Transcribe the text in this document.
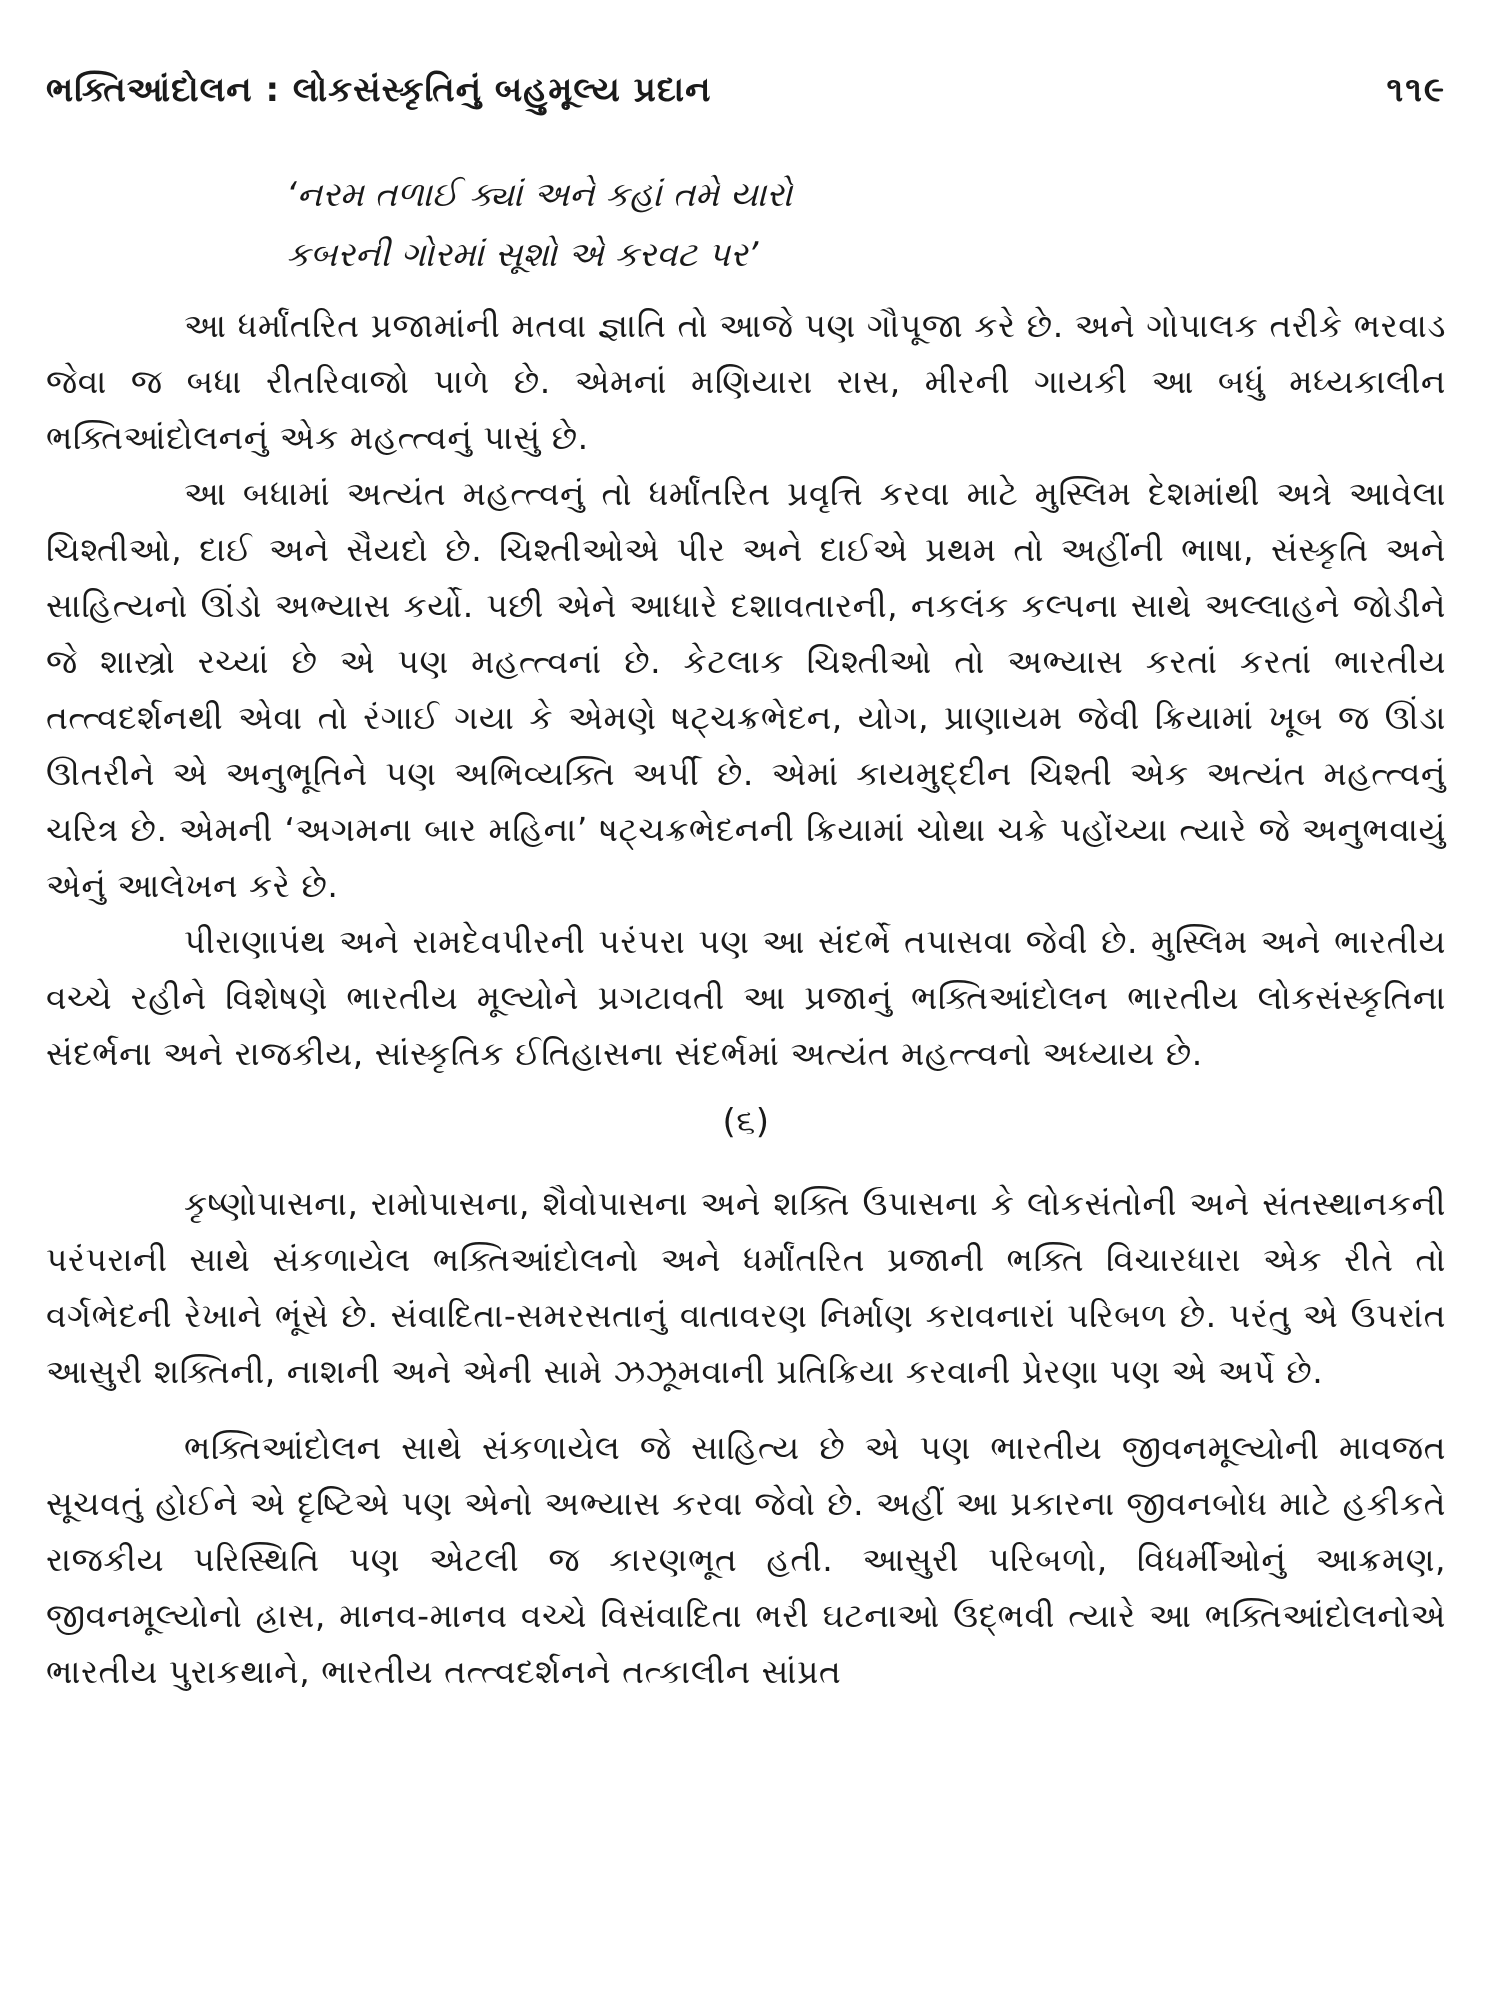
ભક્તિઆંદોલન : લોકસંસ્કૃતિનું બહુમૂલ્ય પ્રદાન	૧૧૯
‘નરમ તળાઈ ક્યાં અને કહાં તમે યારો
કબરની ગોરમાં સૂશો એ કરવટ પર’

આ ધર્માંતરિત પ્રજામાંની મતવા જ્ઞાતિ તો આજે પણ ગૌપૂજા કરે છે. અને ગોપાલક તરીકે ભરવાડ જેવા જ બધા રીતરિવાજો પાળે છે. એમનાં મણિયારા રાસ, મીરની ગાયકી આ બધું મધ્યકાલીન ભક્તિઆંદોલનનું એક મહત્ત્વનું પાસું છે.

આ બધામાં અત્યંત મહત્ત્વનું તો ધર્માંતરિત પ્રવૃત્તિ કરવા માટે મુસ્લિમ દેશમાંથી અત્રે આવેલા ચિશ્તીઓ, દાઈ અને સૈયદો છે. ચિશ્તીઓએ પીર અને દાઈએ પ્રથમ તો અહીંની ભાષા, સંસ્કૃતિ અને સાહિત્યનો ઊંડો અભ્યાસ કર્યો. પછી એને આધારે દશાવતારની, નકલંક કલ્પના સાથે અલ્લાહને જોડીને જે શાસ્ત્રો રચ્યાં છે એ પણ મહત્ત્વનાં છે. કેટલાક ચિશ્તીઓ તો અભ્યાસ કરતાં કરતાં ભારતીય તત્ત્વદર્શનથી એવા તો રંગાઈ ગયા કે એમણે ષટ્ચક્રભેદન, યોગ, પ્રાણાયમ જેવી ક્રિયામાં ખૂબ જ ઊંડા ઊતરીને એ અનુભૂતિને પણ અભિવ્યક્તિ અર્પી છે. એમાં કાયમુદ્દીન ચિશ્તી એક અત્યંત મહત્ત્વનું ચરિત્ર છે. એમની ‘અગમના બાર મહિના’ ષટ્ચક્રભેદનની ક્રિયામાં ચોથા ચક્રે પહોંચ્યા ત્યારે જે અનુભવાયું એનું આલેખન કરે છે.

પીરાણાપંથ અને રામદેવપીરની પરંપરા પણ આ સંદર્ભે તપાસવા જેવી છે. મુસ્લિમ અને ભારતીય વચ્ચે રહીને વિશેષણે ભારતીય મૂલ્યોને પ્રગટાવતી આ પ્રજાનું ભક્તિઆંદોલન ભારતીય લોકસંસ્કૃતિના સંદર્ભના અને રાજકીય, સાંસ્કૃતિક ઈતિહાસના સંદર્ભમાં અત્યંત મહત્ત્વનો અધ્યાય છે.

(૬)

કૃષ્ણોપાસના, રામોપાસના, શૈવોપાસના અને શક્તિ ઉપાસના કે લોકસંતોની અને સંતસ્થાનકની પરંપરાની સાથે સંકળાયેલ ભક્તિઆંદોલનો અને ધર્માંતરિત પ્રજાની ભક્તિ વિચારધારા એક રીતે તો વર્ગભેદની રેખાને ભૂંસે છે. સંવાદિતા-સમરસતાનું વાતાવરણ નિર્માણ કરાવનારાં પરિબળ છે. પરંતુ એ ઉપરાંત આસુરી શક્તિની, નાશની અને એની સામે ઝઝૂમવાની પ્રતિક્રિયા કરવાની પ્રેરણા પણ એ અર્પે છે.

ભક્તિઆંદોલન સાથે સંકળાયેલ જે સાહિત્ય છે એ પણ ભારતીય જીવનમૂલ્યોની માવજત સૂચવતું હોઈને એ દૃષ્ટિએ પણ એનો અભ્યાસ કરવા જેવો છે. અહીં આ પ્રકારના જીવનબોધ માટે હકીકતે રાજકીય પરિસ્થિતિ પણ એટલી જ કારણભૂત હતી. આસુરી પરિબળો, વિધર્મીઓનું આક્રમણ, જીવનમૂલ્યોનો હ્રાસ, માનવ-માનવ વચ્ચે વિસંવાદિતા ભરી ઘટનાઓ ઉદ્ભવી ત્યારે આ ભક્તિઆંદોલનોએ ભારતીય પુરાકથાને, ભારતીય તત્ત્વદર્શનને તત્કાલીન સાંપ્રત
